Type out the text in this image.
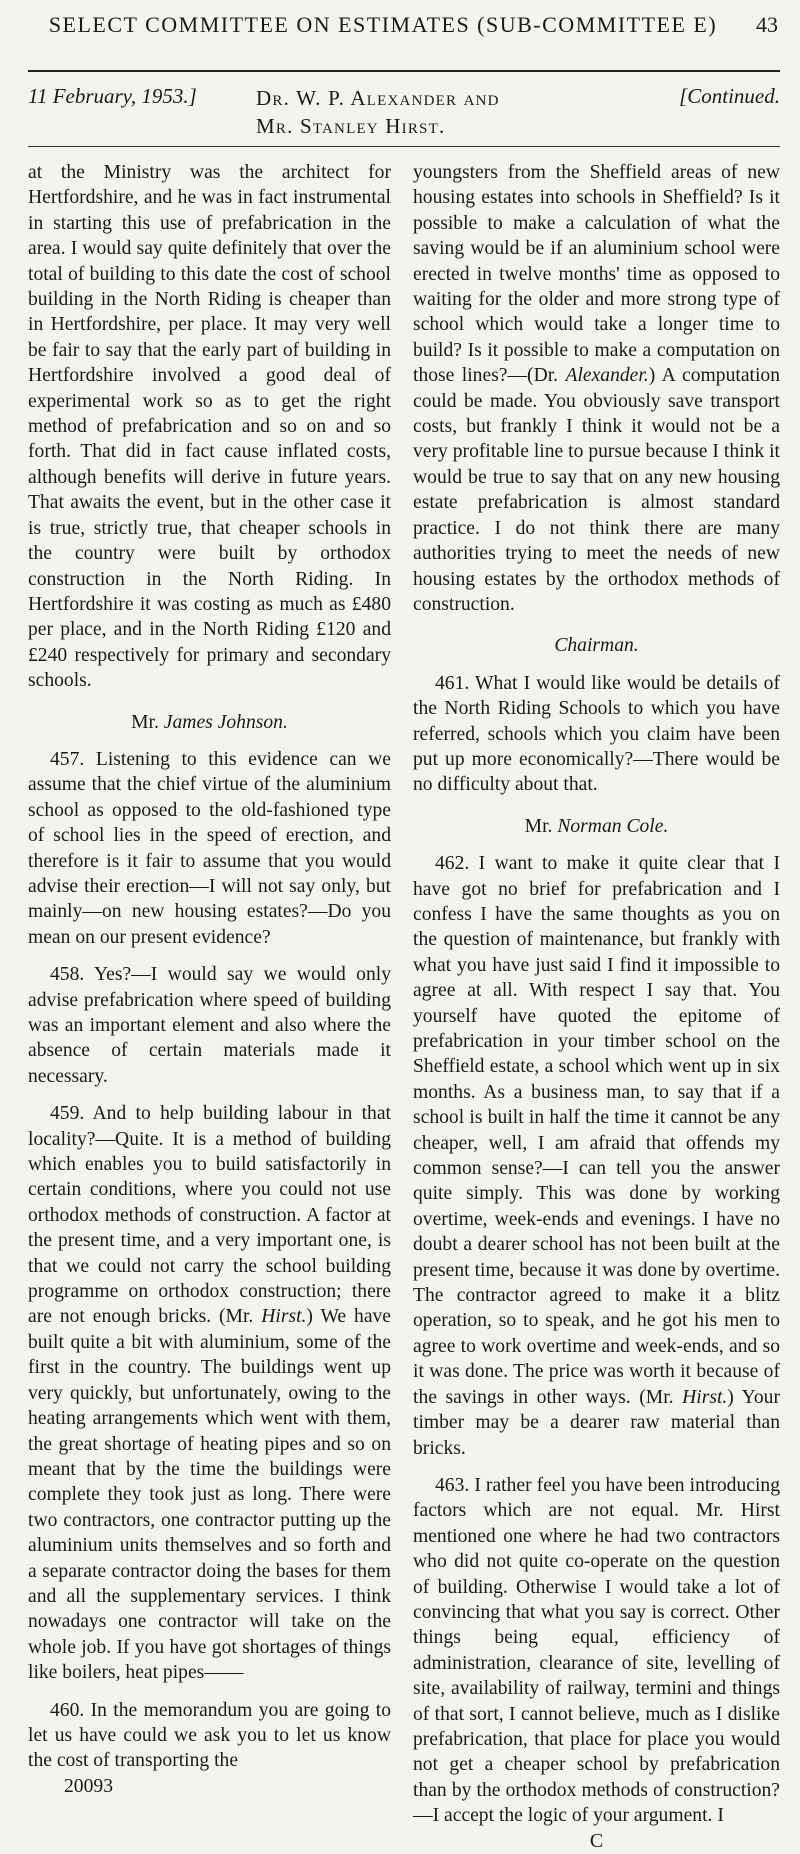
SELECT COMMITTEE ON ESTIMATES (SUB-COMMITTEE E)	43
11 February, 1953.]	Dr. W. P. Alexander and
Mr. Stanley Hirst.
[Continued.

at the Ministry was the architect for Hertfordshire, and he was in fact instrumental in starting this use of prefabrication in the area. I would say quite definitely that over the total of building to this date the cost of school building in the North Riding is cheaper than in Hertfordshire, per place. It may very well be fair to say that the early part of building in Hertfordshire involved a good deal of experimental work so as to get the right method of prefabrication and so on and so forth. That did in fact cause inflated costs, although benefits will derive in future years. That awaits the event, but in the other case it is true, strictly true, that cheaper schools in the country were built by orthodox construction in the North Riding. In Hertfordshire it was costing as much as £480 per place, and in the North Riding £120 and £240 respectively for primary and secondary schools.

Mr. James Johnson.

457. Listening to this evidence can we assume that the chief virtue of the aluminium school as opposed to the old-fashioned type of school lies in the speed of erection, and therefore is it fair to assume that you would advise their erection—I will not say only, but mainly—on new housing estates?—Do you mean on our present evidence?

458. Yes?—I would say we would only advise prefabrication where speed of building was an important element and also where the absence of certain materials made it necessary.

459. And to help building labour in that locality?—Quite. It is a method of building which enables you to build satisfactorily in certain conditions, where you could not use orthodox methods of construction. A factor at the present time, and a very important one, is that we could not carry the school building programme on orthodox construction; there are not enough bricks. (Mr. Hirst.) We have built quite a bit with aluminium, some of the first in the country. The buildings went up very quickly, but unfortunately, owing to the heating arrangements which went with them, the great shortage of heating pipes and so on meant that by the time the buildings were complete they took just as long. There were two contractors, one contractor putting up the aluminium units themselves and so forth and a separate contractor doing the bases for them and all the supplementary services. I think nowadays one contractor will take on the whole job. If you have got shortages of things like boilers, heat pipes——

460. In the memorandum you are going to let us have could we ask you to let us know the cost of transporting the

20093

youngsters from the Sheffield areas of new housing estates into schools in Sheffield? Is it possible to make a calculation of what the saving would be if an aluminium school were erected in twelve months' time as opposed to waiting for the older and more strong type of school which would take a longer time to build? Is it possible to make a computation on those lines?—(Dr. Alexander.) A computation could be made. You obviously save transport costs, but frankly I think it would not be a very profitable line to pursue because I think it would be true to say that on any new housing estate prefabrication is almost standard practice. I do not think there are many authorities trying to meet the needs of new housing estates by the orthodox methods of construction.

Chairman.

461. What I would like would be details of the North Riding Schools to which you have referred, schools which you claim have been put up more economically?—There would be no difficulty about that.

Mr. Norman Cole.

462. I want to make it quite clear that I have got no brief for prefabrication and I confess I have the same thoughts as you on the question of maintenance, but frankly with what you have just said I find it impossible to agree at all. With respect I say that. You yourself have quoted the epitome of prefabrication in your timber school on the Sheffield estate, a school which went up in six months. As a business man, to say that if a school is built in half the time it cannot be any cheaper, well, I am afraid that offends my common sense?—I can tell you the answer quite simply. This was done by working overtime, week-ends and evenings. I have no doubt a dearer school has not been built at the present time, because it was done by overtime. The contractor agreed to make it a blitz operation, so to speak, and he got his men to agree to work overtime and week-ends, and so it was done. The price was worth it because of the savings in other ways. (Mr. Hirst.) Your timber may be a dearer raw material than bricks.

463. I rather feel you have been introducing factors which are not equal. Mr. Hirst mentioned one where he had two contractors who did not quite co-operate on the question of building. Otherwise I would take a lot of convincing that what you say is correct. Other things being equal, efficiency of administration, clearance of site, levelling of site, availability of railway, termini and things of that sort, I cannot believe, much as I dislike prefabrication, that place for place you would not get a cheaper school by prefabrication than by the orthodox methods of construction?—I accept the logic of your argument. I

C
